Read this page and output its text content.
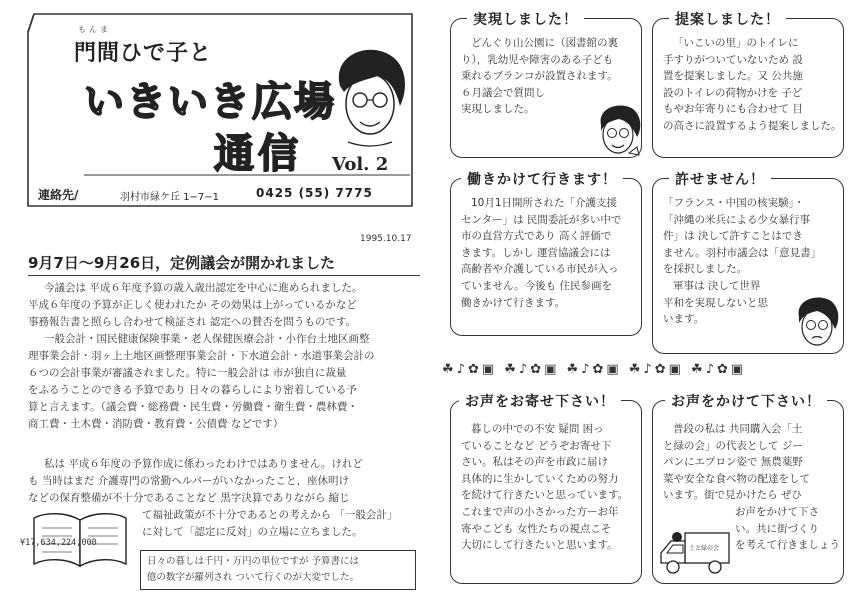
もんま
門間ひで子と
いきいき広場
通信 Vol. 2
連絡先/	羽村市緑ケ丘 1−7−1	0425 (55) 7775
1995.10.17
9月7日～9月26日，定例議会が開かれました
今議会は 平成６年度予算の歳入歳出認定を中心に進められました。
平成６年度の予算が正しく使われたか その効果は上がっているかなど
事務報告書と照らし合わせて検証され 認定への賛否を問うものです。
一般会計・国民健康保険事業・老人保健医療会計・小作台土地区画整
理事業会計・羽ヶ上土地区画整理事業会計・下水道会計・水道事業会計の
６つの会計事業が審議されました。特に一般会計は 市が独自に裁量
をふるうことのできる予算であり 日々の暮らしにより密着している予
算と言えます。（議会費・総務費・民生費・労働費・衛生費・農林費・
商工費・土木費・消防費・教育費・公債費 などです）
私は 平成６年度の予算作成に係わったわけではありません。けれど
も 当時はまだ 介護専門の常勤ヘルパーがいなかったこと，座休明け
などの保育整備が不十分であることなど 黒字決算でありながら 縮じ
¥17,634,224,000
て福祉政策が不十分であるとの考えから 「一般会計」
に対して「認定に反対」の立場に立ちました。
日々の暮しは千円・万円の単位ですが 予算書には
億の数字が羅列され ついて行くのが大変でした。
実現しました！
どんぐり山公園に（図書館の裏
り），乳幼児や障害のある子ども
乗れるブランコが設置されます。
６月議会で質問し
実現しました。
提案しました！
「いこいの里」のトイレに
手すりがついていないため 設
置を提案しました。又 公共施
設のトイレの荷物かけを 子ど
もやお年寄りにも合わせて 目
の高さに設置するよう提案しました。
働きかけて行きます！
10月1日開所された「介護支援
センター」は 民間委託が多い中で
市の直営方式であり 高く評価で
きます。しかし 運営協議会には
高齢者や介護している市民が入っ
ていません。今後も 住民参画を
働きかけて行きます。
許せません！
「フランス・中国の核実験」・
「沖縄の米兵による少女暴行事
件」は 決して許すことはでき
ません。羽村市議会は「意見書」
を採択しました。
軍事は 決して世界
平和を実現しないと思
います。
☘♪✿▣ ☘♪✿▣ ☘♪✿▣ ☘♪✿▣ ☘♪✿▣
お声をお寄せ下さい！
暮しの中での不安 疑問 困っ
ていることなど どうぞお寄せ下
さい。私はその声を市政に届け
具体的に生かしていくための努力
を続けて行きたいと思っています。
これまで声の小さかった方ーお年
寄やこども 女性たちの視点こそ
大切にして行きたいと思います。
お声をかけて下さい！
普段の私は 共同購入会「土
と緑の会」の代表として ジー
パンにエプロン姿で 無農薬野
菜や安全な食べ物の配達をして
います。街で見かけたら ぜひ
お声をかけて下さ
い。共に街づくり
を考えて行きましょう
土と緑の会
